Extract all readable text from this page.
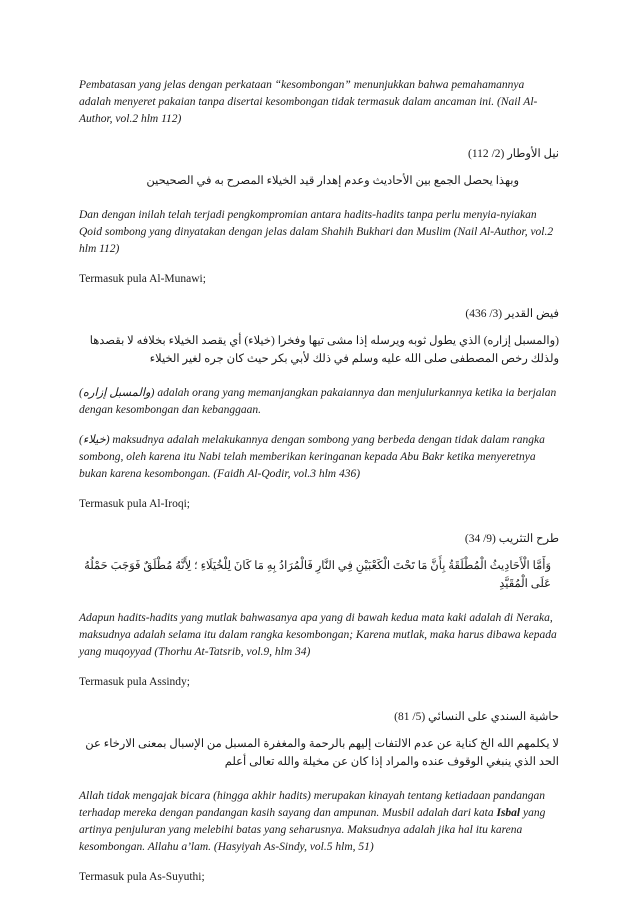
Pembatasan yang jelas dengan perkataan “kesombongan” menunjukkan bahwa pemahamannya adalah menyeret pakaian tanpa disertai kesombongan tidak termasuk dalam ancaman ini. (Nail Al-Author, vol.2 hlm 112)

نيل الأوطار (2/ 112)

وبهذا يحصل الجمع بين الأحاديث وعدم إهدار قيد الخيلاء المصرح به في الصحيحين

Dan dengan inilah telah terjadi pengkompromian antara hadits-hadits tanpa perlu menyia-nyiakan Qoid sombong yang dinyatakan dengan jelas dalam Shahih Bukhari dan Muslim (Nail Al-Author, vol.2 hlm 112)

Termasuk pula Al-Munawi;

فيض القدير (3/ 436)

(والمسبل إزاره) الذي يطول ثوبه ويرسله إذا مشى تيها وفخرا (خيلاء) أي يقصد الخيلاء بخلافه لا بقصدها ولذلك رخص المصطفى صلى الله عليه وسلم في ذلك لأبي بكر حيث كان جره لغير الخيلاء

(والمسبل إزاره) adalah orang yang memanjangkan pakaiannya dan menjulurkannya ketika ia berjalan dengan kesombongan dan kebanggaan.

(خيلاء) maksudnya adalah melakukannya dengan sombong yang berbeda dengan tidak dalam rangka sombong, oleh karena itu Nabi telah memberikan keringanan kepada Abu Bakr ketika menyeretnya bukan karena kesombongan. (Faidh Al-Qodir, vol.3 hlm 436)

Termasuk pula Al-Iroqi;

طرح التثريب (9/ 34)

وَأَمَّا الْأَحَادِيثُ الْمُطْلَقَةُ بِأَنَّ مَا تَحْتَ الْكَعْبَيْنِ فِي النَّارِ فَالْمُرَادُ بِهِ مَا كَانَ لِلْخُيَلَاءِ ؛ لِأَنَّهُ مُطْلَقٌ فَوَجَبَ حَمْلُهُ عَلَى الْمُقَيَّدِ

Adapun hadits-hadits yang mutlak bahwasanya apa yang di bawah kedua mata kaki adalah di Neraka, maksudnya adalah selama itu dalam rangka kesombongan; Karena mutlak, maka harus dibawa kepada yang muqoyyad (Thorhu At-Tatsrib, vol.9, hlm 34)

Termasuk pula Assindy;

حاشية السندي على النسائي (5/ 81)

لا يكلمهم الله الخ كناية عن عدم الالتفات إليهم بالرحمة والمغفرة المسبل من الإسبال بمعنى الارخاء عن الحد الذي ينبغي الوقوف عنده والمراد إذا كان عن مخيلة والله تعالى أعلم

Allah tidak mengajak bicara (hingga akhir hadits) merupakan kinayah tentang ketiadaan pandangan terhadap mereka dengan pandangan kasih sayang dan ampunan. Musbil adalah dari kata Isbal yang artinya penjuluran yang melebihi batas yang seharusnya. Maksudnya adalah jika hal itu karena kesombongan. Allahu a’lam. (Hasyiyah As-Sindy, vol.5 hlm, 51)

Termasuk pula As-Suyuthi;
